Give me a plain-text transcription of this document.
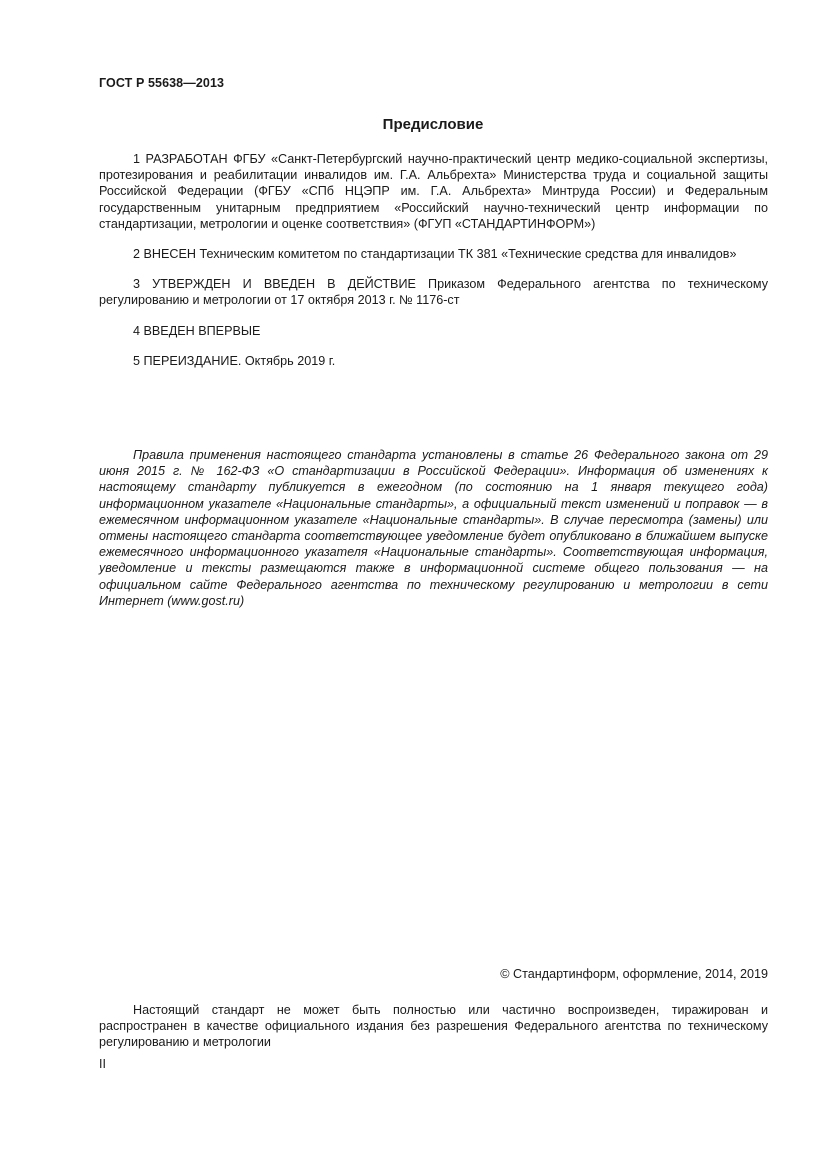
ГОСТ Р 55638—2013
Предисловие

1 РАЗРАБОТАН ФГБУ «Санкт-Петербургский научно-практический центр медико-социальной экспертизы, протезирования и реабилитации инвалидов им. Г.А. Альбрехта» Министерства труда и социальной защиты Российской Федерации (ФГБУ «СПб НЦЭПР им. Г.А. Альбрехта» Минтруда России) и Федеральным государственным унитарным предприятием «Российский научно-технический центр информации по стандартизации, метрологии и оценке соответствия» (ФГУП «СТАНДАРТИНФОРМ»)

2 ВНЕСЕН Техническим комитетом по стандартизации ТК 381 «Технические средства для инвалидов»

3 УТВЕРЖДЕН И ВВЕДЕН В ДЕЙСТВИЕ Приказом Федерального агентства по техническому регулированию и метрологии от 17 октября 2013 г. № 1176-ст

4 ВВЕДЕН ВПЕРВЫЕ

5 ПЕРЕИЗДАНИЕ. Октябрь 2019 г.

Правила применения настоящего стандарта установлены в статье 26 Федерального закона от 29 июня 2015 г. № 162-ФЗ «О стандартизации в Российской Федерации». Информация об изменениях к настоящему стандарту публикуется в ежегодном (по состоянию на 1 января текущего года) информационном указателе «Национальные стандарты», а официальный текст изменений и поправок — в ежемесячном информационном указателе «Национальные стандарты». В случае пересмотра (замены) или отмены настоящего стандарта соответствующее уведомление будет опубликовано в ближайшем выпуске ежемесячного информационного указателя «Национальные стандарты». Соответствующая информация, уведомление и тексты размещаются также в информационной системе общего пользования — на официальном сайте Федерального агентства по техническому регулированию и метрологии в сети Интернет (www.gost.ru)

© Стандартинформ, оформление, 2014, 2019

Настоящий стандарт не может быть полностью или частично воспроизведен, тиражирован и распространен в качестве официального издания без разрешения Федерального агентства по техническому регулированию и метрологии

II
